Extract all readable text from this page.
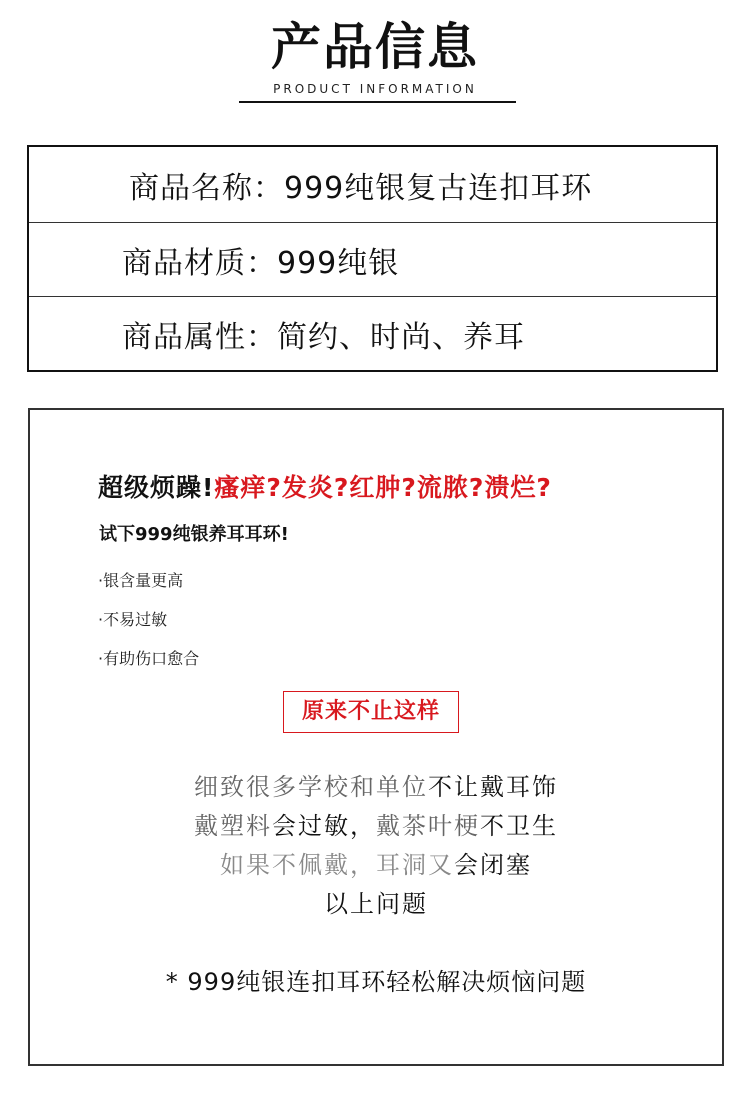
产品信息
PRODUCT INFORMATION
商品名称：999纯银复古连扣耳环
商品材质：999纯银
商品属性：简约、时尚、养耳
超级烦躁!瘙痒?发炎?红肿?流脓?溃烂?
试下999纯银养耳耳环!
·银含量更高
·不易过敏
·有助伤口愈合
原来不止这样
细致很多学校和单位不让戴耳饰
戴塑料会过敏，戴茶叶梗不卫生
如果不佩戴，耳洞又会闭塞
以上问题
* 999纯银连扣耳环轻松解决烦恼问题
